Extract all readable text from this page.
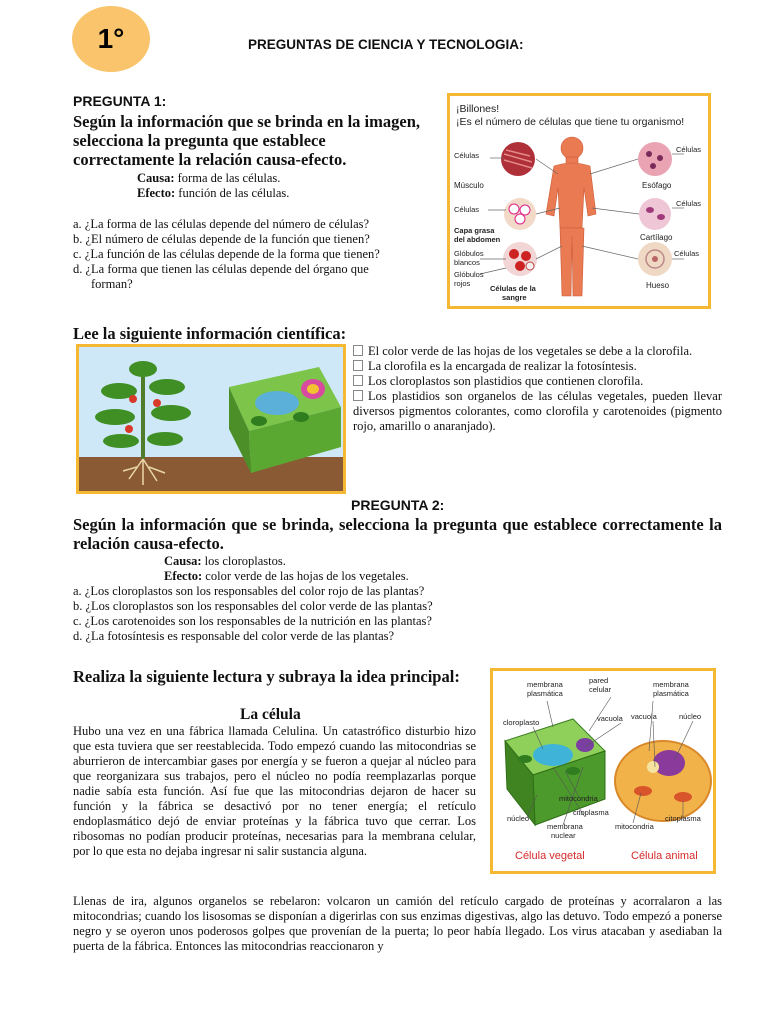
1°	PREGUNTAS DE CIENCIA Y TECNOLOGIA:
PREGUNTA 1:
Según la información que se brinda en la imagen, selecciona la pregunta que establece correctamente la relación causa-efecto.
Causa: forma de las células.
Efecto: función de las células.
a. ¿La forma de las células depende del número de células?
b. ¿El número de células depende de la función que tienen?
c. ¿La función de las células depende de la forma que tienen?
d. ¿La forma que tienen las células depende del órgano que
forman?
¡Billones!
¡Es el número de células que tiene tu organismo!
Células
Músculo
Células
Capa grasa
del abdomen
Glóbulos
blancos
Glóbulos
rojos
Células de la
sangre
Células
Esófago
Células
Cartílago
Células
Hueso
Lee la siguiente información científica:
El color verde de las hojas de los vegetales se debe a la clorofila.
La clorofila es la encargada de realizar la fotosíntesis.
Los cloroplastos son plastidios que contienen clorofila.
Los plastidios son organelos de las células vegetales, pueden llevar diversos pigmentos colorantes, como clorofila y carotenoides (pigmento rojo, amarillo o anaranjado).
PREGUNTA 2:
Según la información que se brinda, selecciona la pregunta que establece correctamente la relación causa-efecto.
Causa: los cloroplastos.
Efecto: color verde de las hojas de los vegetales.
a. ¿Los cloroplastos son los responsables del color rojo de las plantas?
b. ¿Los cloroplastos son los responsables del color verde de las plantas?
c. ¿Los carotenoides son los responsables de la nutrición en las plantas?
d. ¿La fotosíntesis es responsable del color verde de las plantas?
Realiza la siguiente lectura y subraya la idea principal:
La célula
Hubo una vez en una fábrica llamada Celulina. Un catastrófico disturbio hizo que esta tuviera que ser reestablecida. Todo empezó cuando las mitocondrias se aburrieron de intercambiar gases por energía y se fueron a quejar al núcleo para que reorganizara sus trabajos, pero el núcleo no podía reemplazarlas porque nadie sabía esta función. Así fue que las mitocondrias dejaron de hacer su función y la fábrica se desactivó por no tener energía; el retículo endoplasmático dejó de enviar proteínas y la fábrica tuvo que cerrar. Los ribosomas no podían producir proteínas, necesarias para la membrana celular, por lo que esta no dejaba ingresar ni salir sustancia alguna.
Llenas de ira, algunos organelos se rebelaron: volcaron un camión del retículo cargado de proteínas y acorralaron a las mitocondrias; cuando los lisosomas se disponían a digerirlas con sus enzimas digestivas, algo las detuvo. Todo empezó a ponerse negro y se oyeron unos poderosos golpes que provenían de la puerta; lo peor había llegado. Los virus atacaban y asediaban la puerta de la fábrica. Entonces las mitocondrias reaccionaron y
membrana
plasmática
pared
celular
membrana
plasmática
cloroplasto	vacuola vacuola	núcleo
mitocondria
núcleo
citoplasma
membrana
nuclear
mitocondria
citoplasma
Célula vegetal	Célula animal
